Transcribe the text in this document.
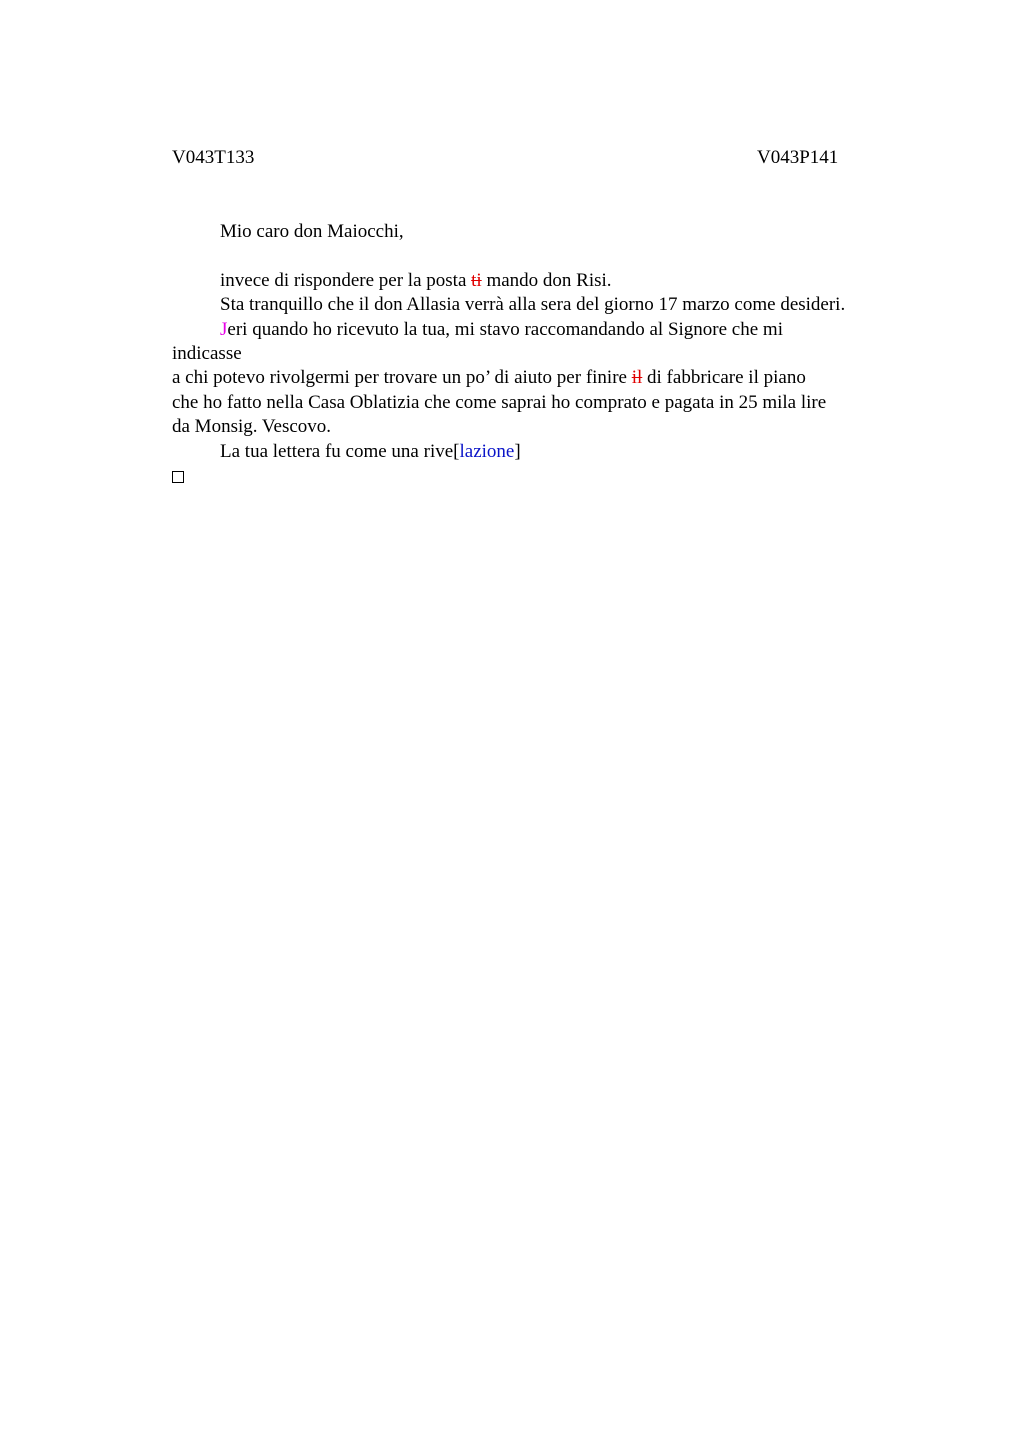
V043T133	V043P141
Mio caro don Maiocchi,
invece di rispondere per la posta ti mando don Risi.
Sta tranquillo che il don Allasia verrà alla sera del giorno 17 marzo come desideri.
Jeri quando ho ricevuto la tua, mi stavo raccomandando al Signore che mi
indicasse
a chi potevo rivolgermi per trovare un po’ di aiuto per finire il di fabbricare il piano
che ho fatto nella Casa Oblatizia che come saprai ho comprato e pagata in 25 mila lire
da Monsig. Vescovo.
La tua lettera fu come una rive[lazione]
